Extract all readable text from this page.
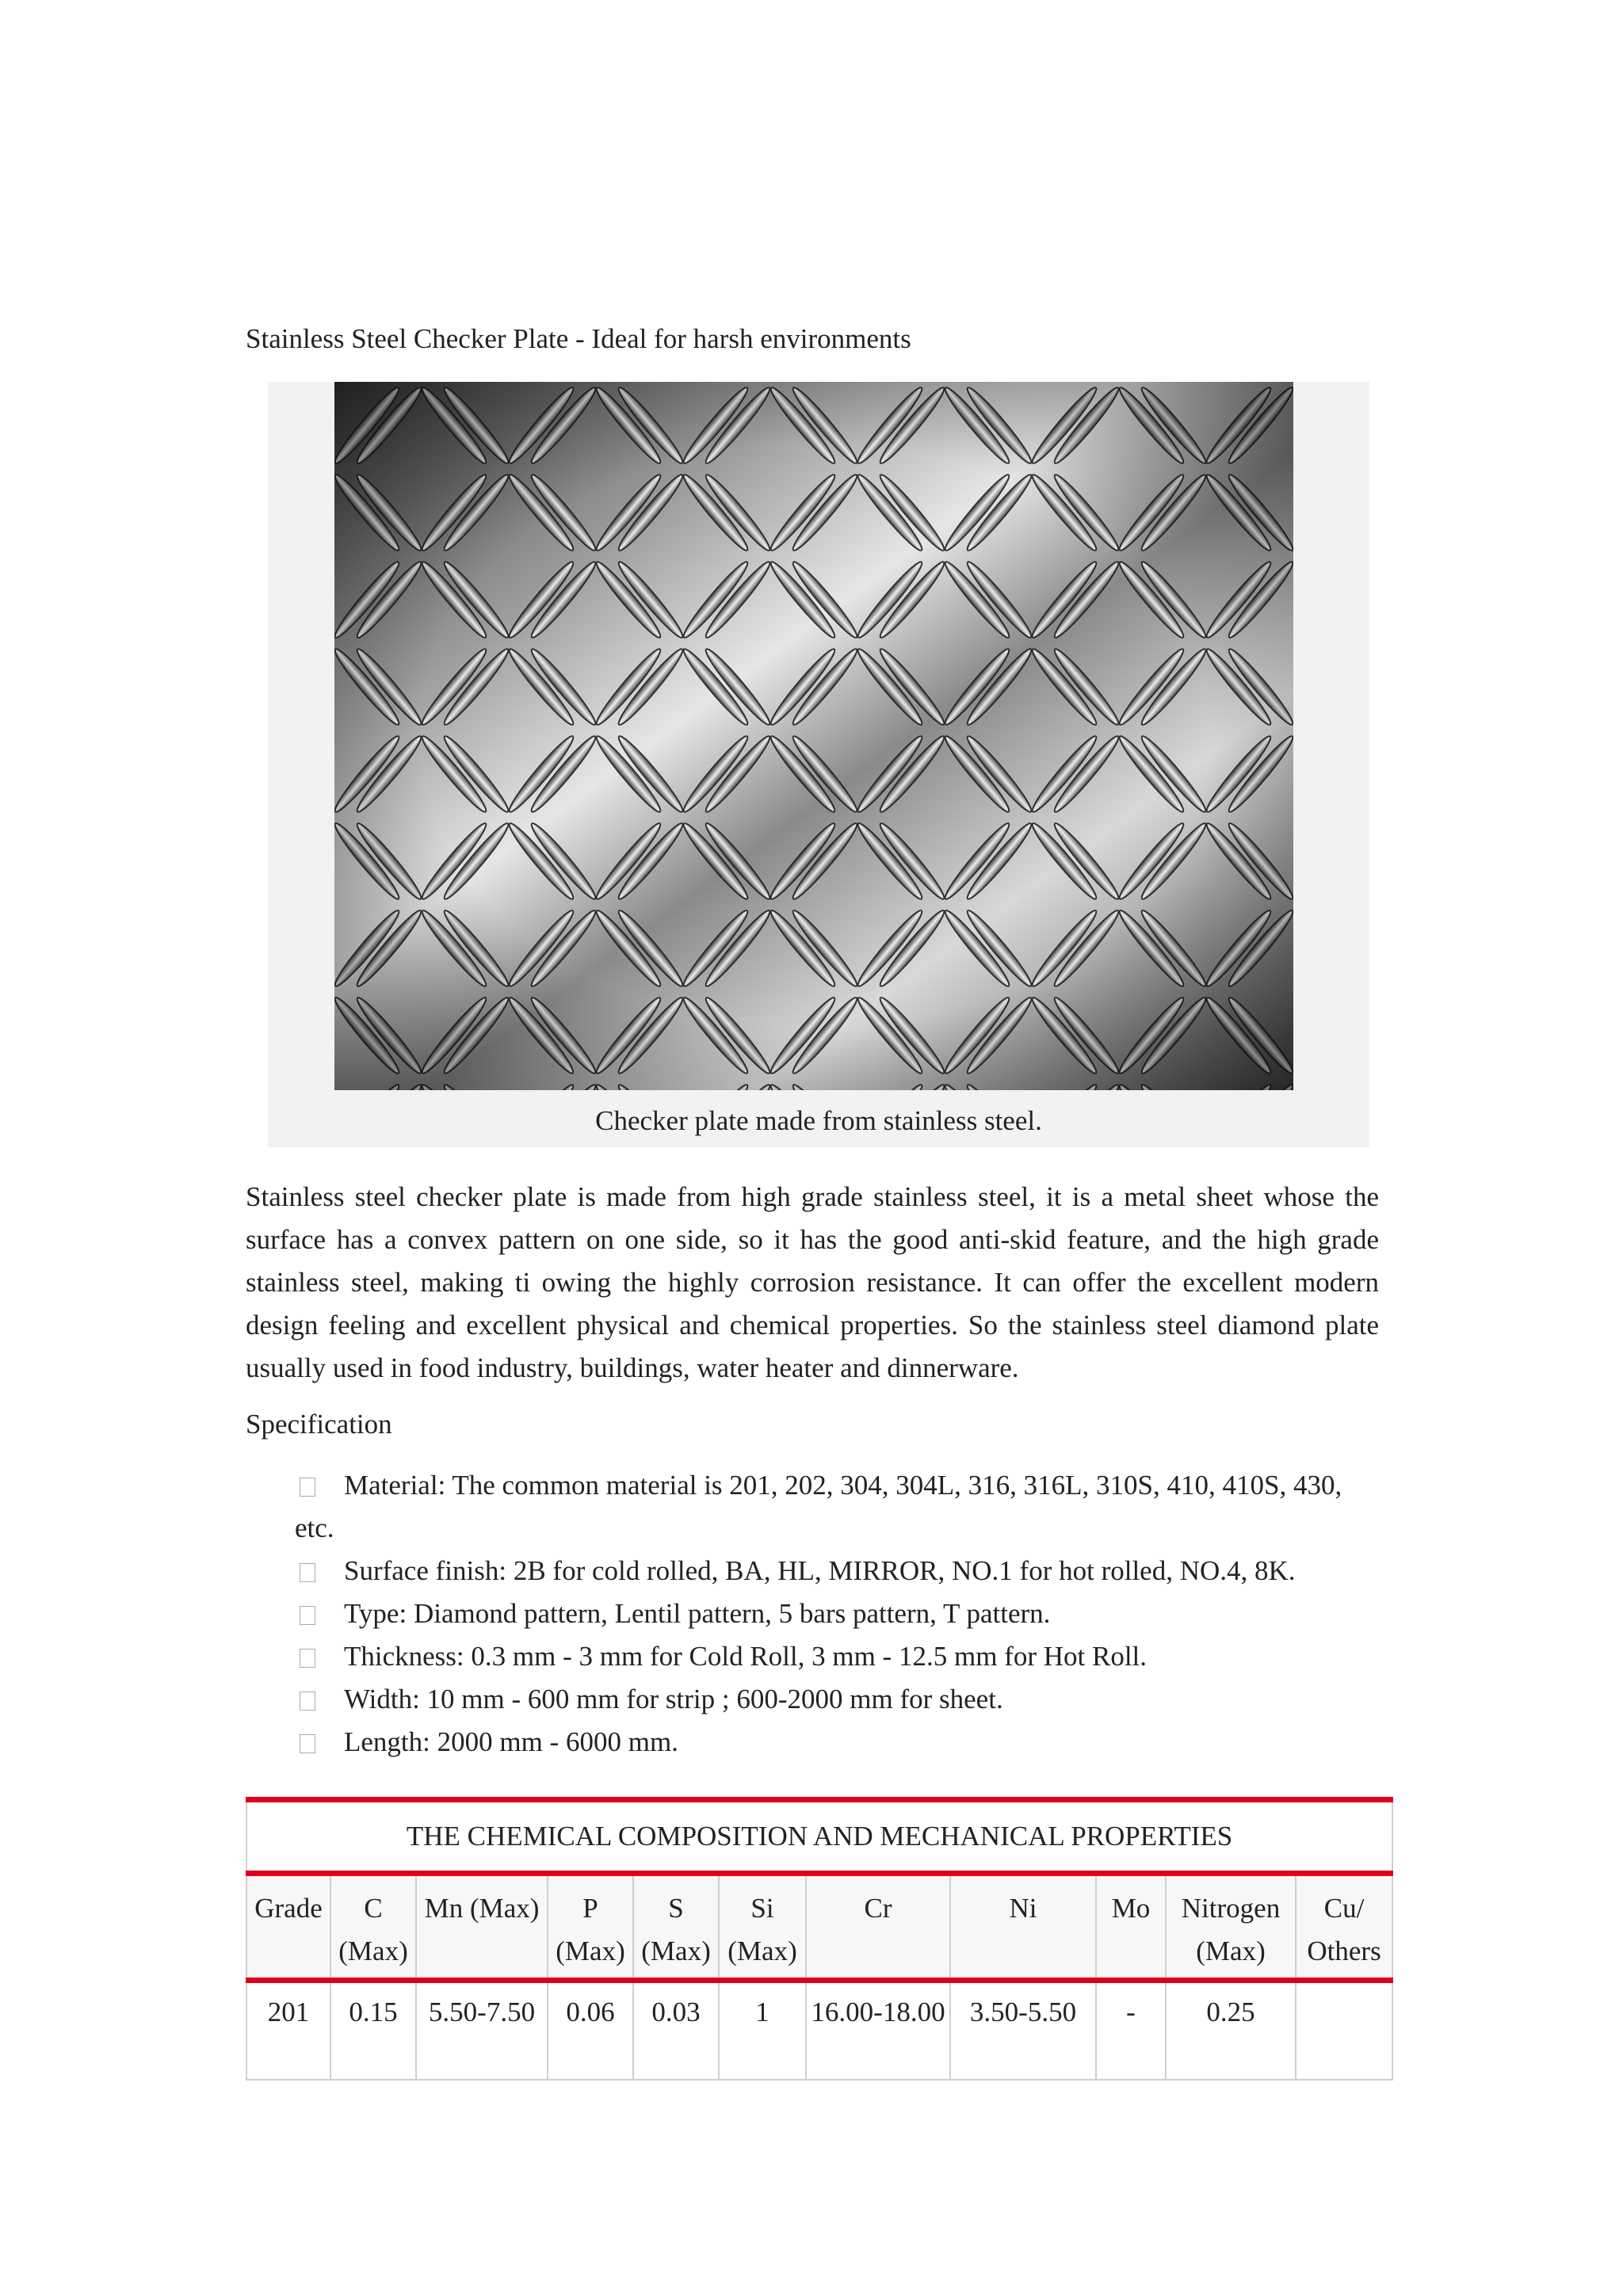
Stainless Steel Checker Plate - Ideal for harsh environments
Checker plate made from stainless steel.

Stainless steel checker plate is made from high grade stainless steel, it is a metal sheet whose the surface has a convex pattern on one side, so it has the good anti-skid feature, and the high grade stainless steel, making ti owing the highly corrosion resistance. It can offer the excellent modern design feeling and excellent physical and chemical properties. So the stainless steel diamond plate usually used in food industry, buildings, water heater and dinnerware.

Specification
Material: The common material is 201, 202, 304, 304L, 316, 316L, 310S, 410, 410S, 430, etc.
Surface finish: 2B for cold rolled, BA, HL, MIRROR, NO.1 for hot rolled, NO.4, 8K.
Type: Diamond pattern, Lentil pattern, 5 bars pattern, T pattern.
Thickness: 0.3 mm - 3 mm for Cold Roll, 3 mm - 12.5 mm for Hot Roll.
Width: 10 mm - 600 mm for strip ; 600-2000 mm for sheet.
Length: 2000 mm - 6000 mm.
THE CHEMICAL COMPOSITION AND MECHANICAL PROPERTIES										
Grade	C (Max)	Mn (Max)	P (Max)	S (Max)	Si (Max)	Cr	Ni	Mo	Nitrogen (Max)	Cu/ Others
201	0.15	5.50-7.50	0.06	0.03	1	16.00-18.00	3.50-5.50	-	0.25	
